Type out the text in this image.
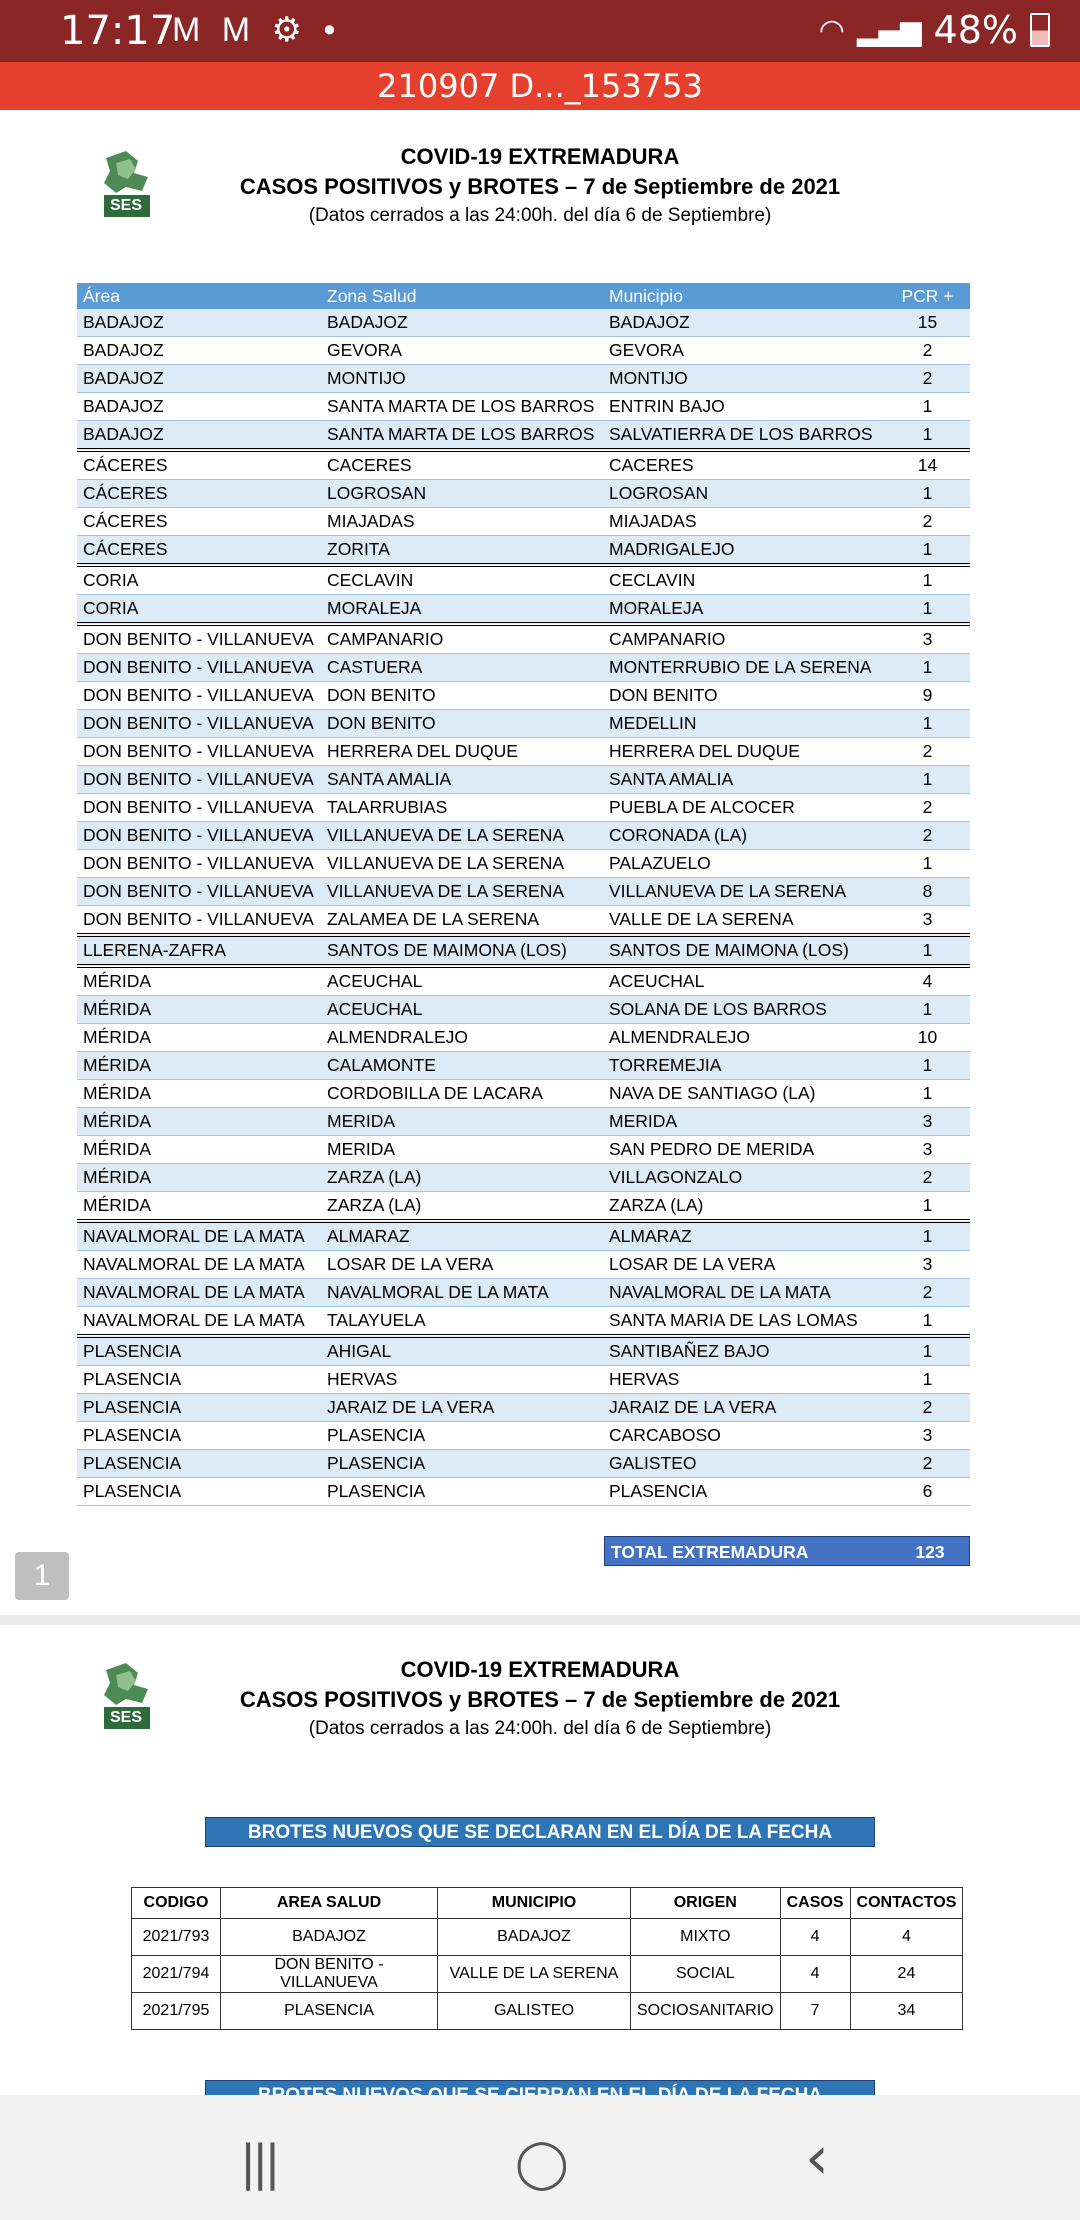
17:17
M M ⚙ •	◠ ▂▄▆ 48%
210907 D..._153753
SES
COVID-19 EXTREMADURA
CASOS POSITIVOS y BROTES – 7 de Septiembre de 2021
(Datos cerrados a las 24:00h. del día 6 de Septiembre)
Área	Zona Salud	Municipio	PCR +
BADAJOZ	BADAJOZ	BADAJOZ	15
BADAJOZ	GEVORA	GEVORA	2
BADAJOZ	MONTIJO	MONTIJO	2
BADAJOZ	SANTA MARTA DE LOS BARROS	ENTRIN BAJO	1
BADAJOZ	SANTA MARTA DE LOS BARROS	SALVATIERRA DE LOS BARROS	1
CÁCERES	CACERES	CACERES	14
CÁCERES	LOGROSAN	LOGROSAN	1
CÁCERES	MIAJADAS	MIAJADAS	2
CÁCERES	ZORITA	MADRIGALEJO	1
CORIA	CECLAVIN	CECLAVIN	1
CORIA	MORALEJA	MORALEJA	1
DON BENITO - VILLANUEVA	CAMPANARIO	CAMPANARIO	3
DON BENITO - VILLANUEVA	CASTUERA	MONTERRUBIO DE LA SERENA	1
DON BENITO - VILLANUEVA	DON BENITO	DON BENITO	9
DON BENITO - VILLANUEVA	DON BENITO	MEDELLIN	1
DON BENITO - VILLANUEVA	HERRERA DEL DUQUE	HERRERA DEL DUQUE	2
DON BENITO - VILLANUEVA	SANTA AMALIA	SANTA AMALIA	1
DON BENITO - VILLANUEVA	TALARRUBIAS	PUEBLA DE ALCOCER	2
DON BENITO - VILLANUEVA	VILLANUEVA DE LA SERENA	CORONADA (LA)	2
DON BENITO - VILLANUEVA	VILLANUEVA DE LA SERENA	PALAZUELO	1
DON BENITO - VILLANUEVA	VILLANUEVA DE LA SERENA	VILLANUEVA DE LA SERENA	8
DON BENITO - VILLANUEVA	ZALAMEA DE LA SERENA	VALLE DE LA SERENA	3
LLERENA-ZAFRA	SANTOS DE MAIMONA (LOS)	SANTOS DE MAIMONA (LOS)	1
MÉRIDA	ACEUCHAL	ACEUCHAL	4
MÉRIDA	ACEUCHAL	SOLANA DE LOS BARROS	1
MÉRIDA	ALMENDRALEJO	ALMENDRALEJO	10
MÉRIDA	CALAMONTE	TORREMEJIA	1
MÉRIDA	CORDOBILLA DE LACARA	NAVA DE SANTIAGO (LA)	1
MÉRIDA	MERIDA	MERIDA	3
MÉRIDA	MERIDA	SAN PEDRO DE MERIDA	3
MÉRIDA	ZARZA (LA)	VILLAGONZALO	2
MÉRIDA	ZARZA (LA)	ZARZA (LA)	1
NAVALMORAL DE LA MATA	ALMARAZ	ALMARAZ	1
NAVALMORAL DE LA MATA	LOSAR DE LA VERA	LOSAR DE LA VERA	3
NAVALMORAL DE LA MATA	NAVALMORAL DE LA MATA	NAVALMORAL DE LA MATA	2
NAVALMORAL DE LA MATA	TALAYUELA	SANTA MARIA DE LAS LOMAS	1
PLASENCIA	AHIGAL	SANTIBAÑEZ BAJO	1
PLASENCIA	HERVAS	HERVAS	1
PLASENCIA	JARAIZ DE LA VERA	JARAIZ DE LA VERA	2
PLASENCIA	PLASENCIA	CARCABOSO	3
PLASENCIA	PLASENCIA	GALISTEO	2
PLASENCIA	PLASENCIA	PLASENCIA	6
TOTAL EXTREMADURA	123
1
SES
COVID-19 EXTREMADURA
CASOS POSITIVOS y BROTES – 7 de Septiembre de 2021
(Datos cerrados a las 24:00h. del día 6 de Septiembre)
BROTES NUEVOS QUE SE DECLARAN EN EL DÍA DE LA FECHA
CODIGO	AREA SALUD	MUNICIPIO	ORIGEN	CASOS	CONTACTOS
2021/793	BADAJOZ	BADAJOZ	MIXTO	4	4
2021/794	DON BENITO - VILLANUEVA	VALLE DE LA SERENA	SOCIAL	4	24
2021/795	PLASENCIA	GALISTEO	SOCIOSANITARIO	7	34
|||	◯	‹
